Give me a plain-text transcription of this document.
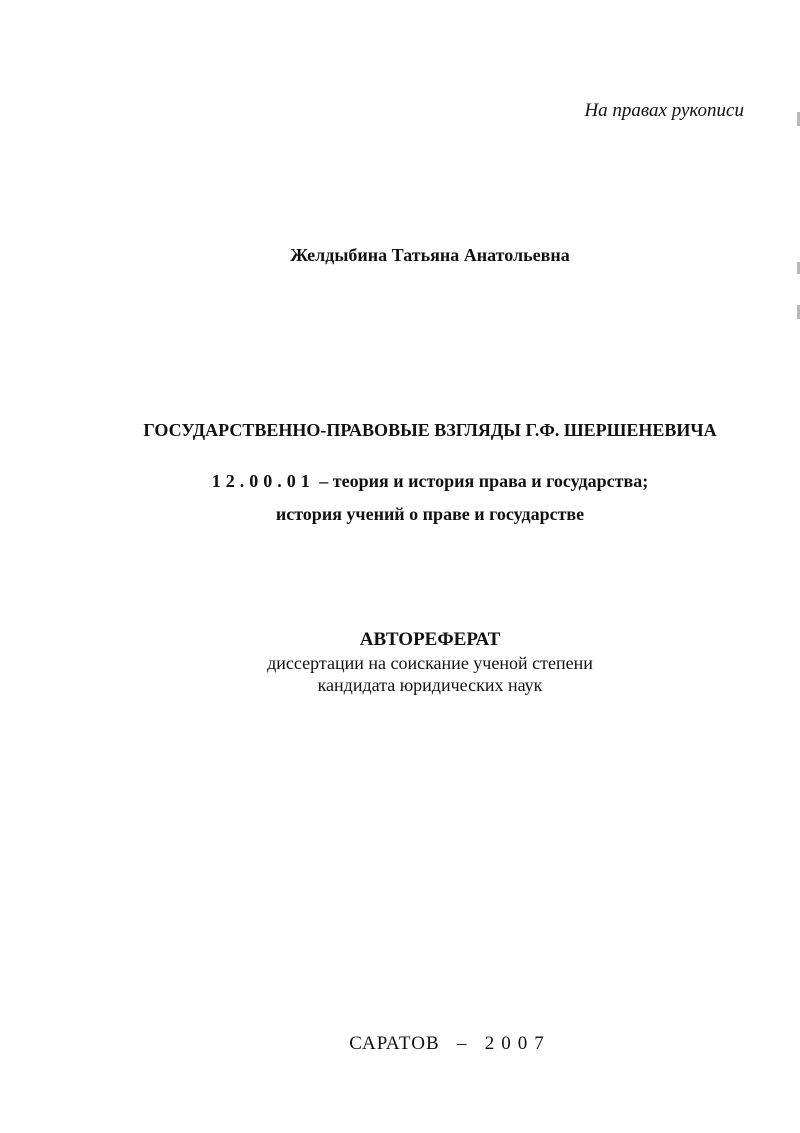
На правах рукописи
Желдыбина Татьяна Анатольевна
ГОСУДАРСТВЕННО-ПРАВОВЫЕ ВЗГЛЯДЫ Г.Ф. ШЕРШЕНЕВИЧА
12.00.01 – теория и история права и государства;
история учений о праве и государстве
АВТОРЕФЕРАТ
диссертации на соискание ученой степени
кандидата юридических наук
САРАТОВ – 2007
